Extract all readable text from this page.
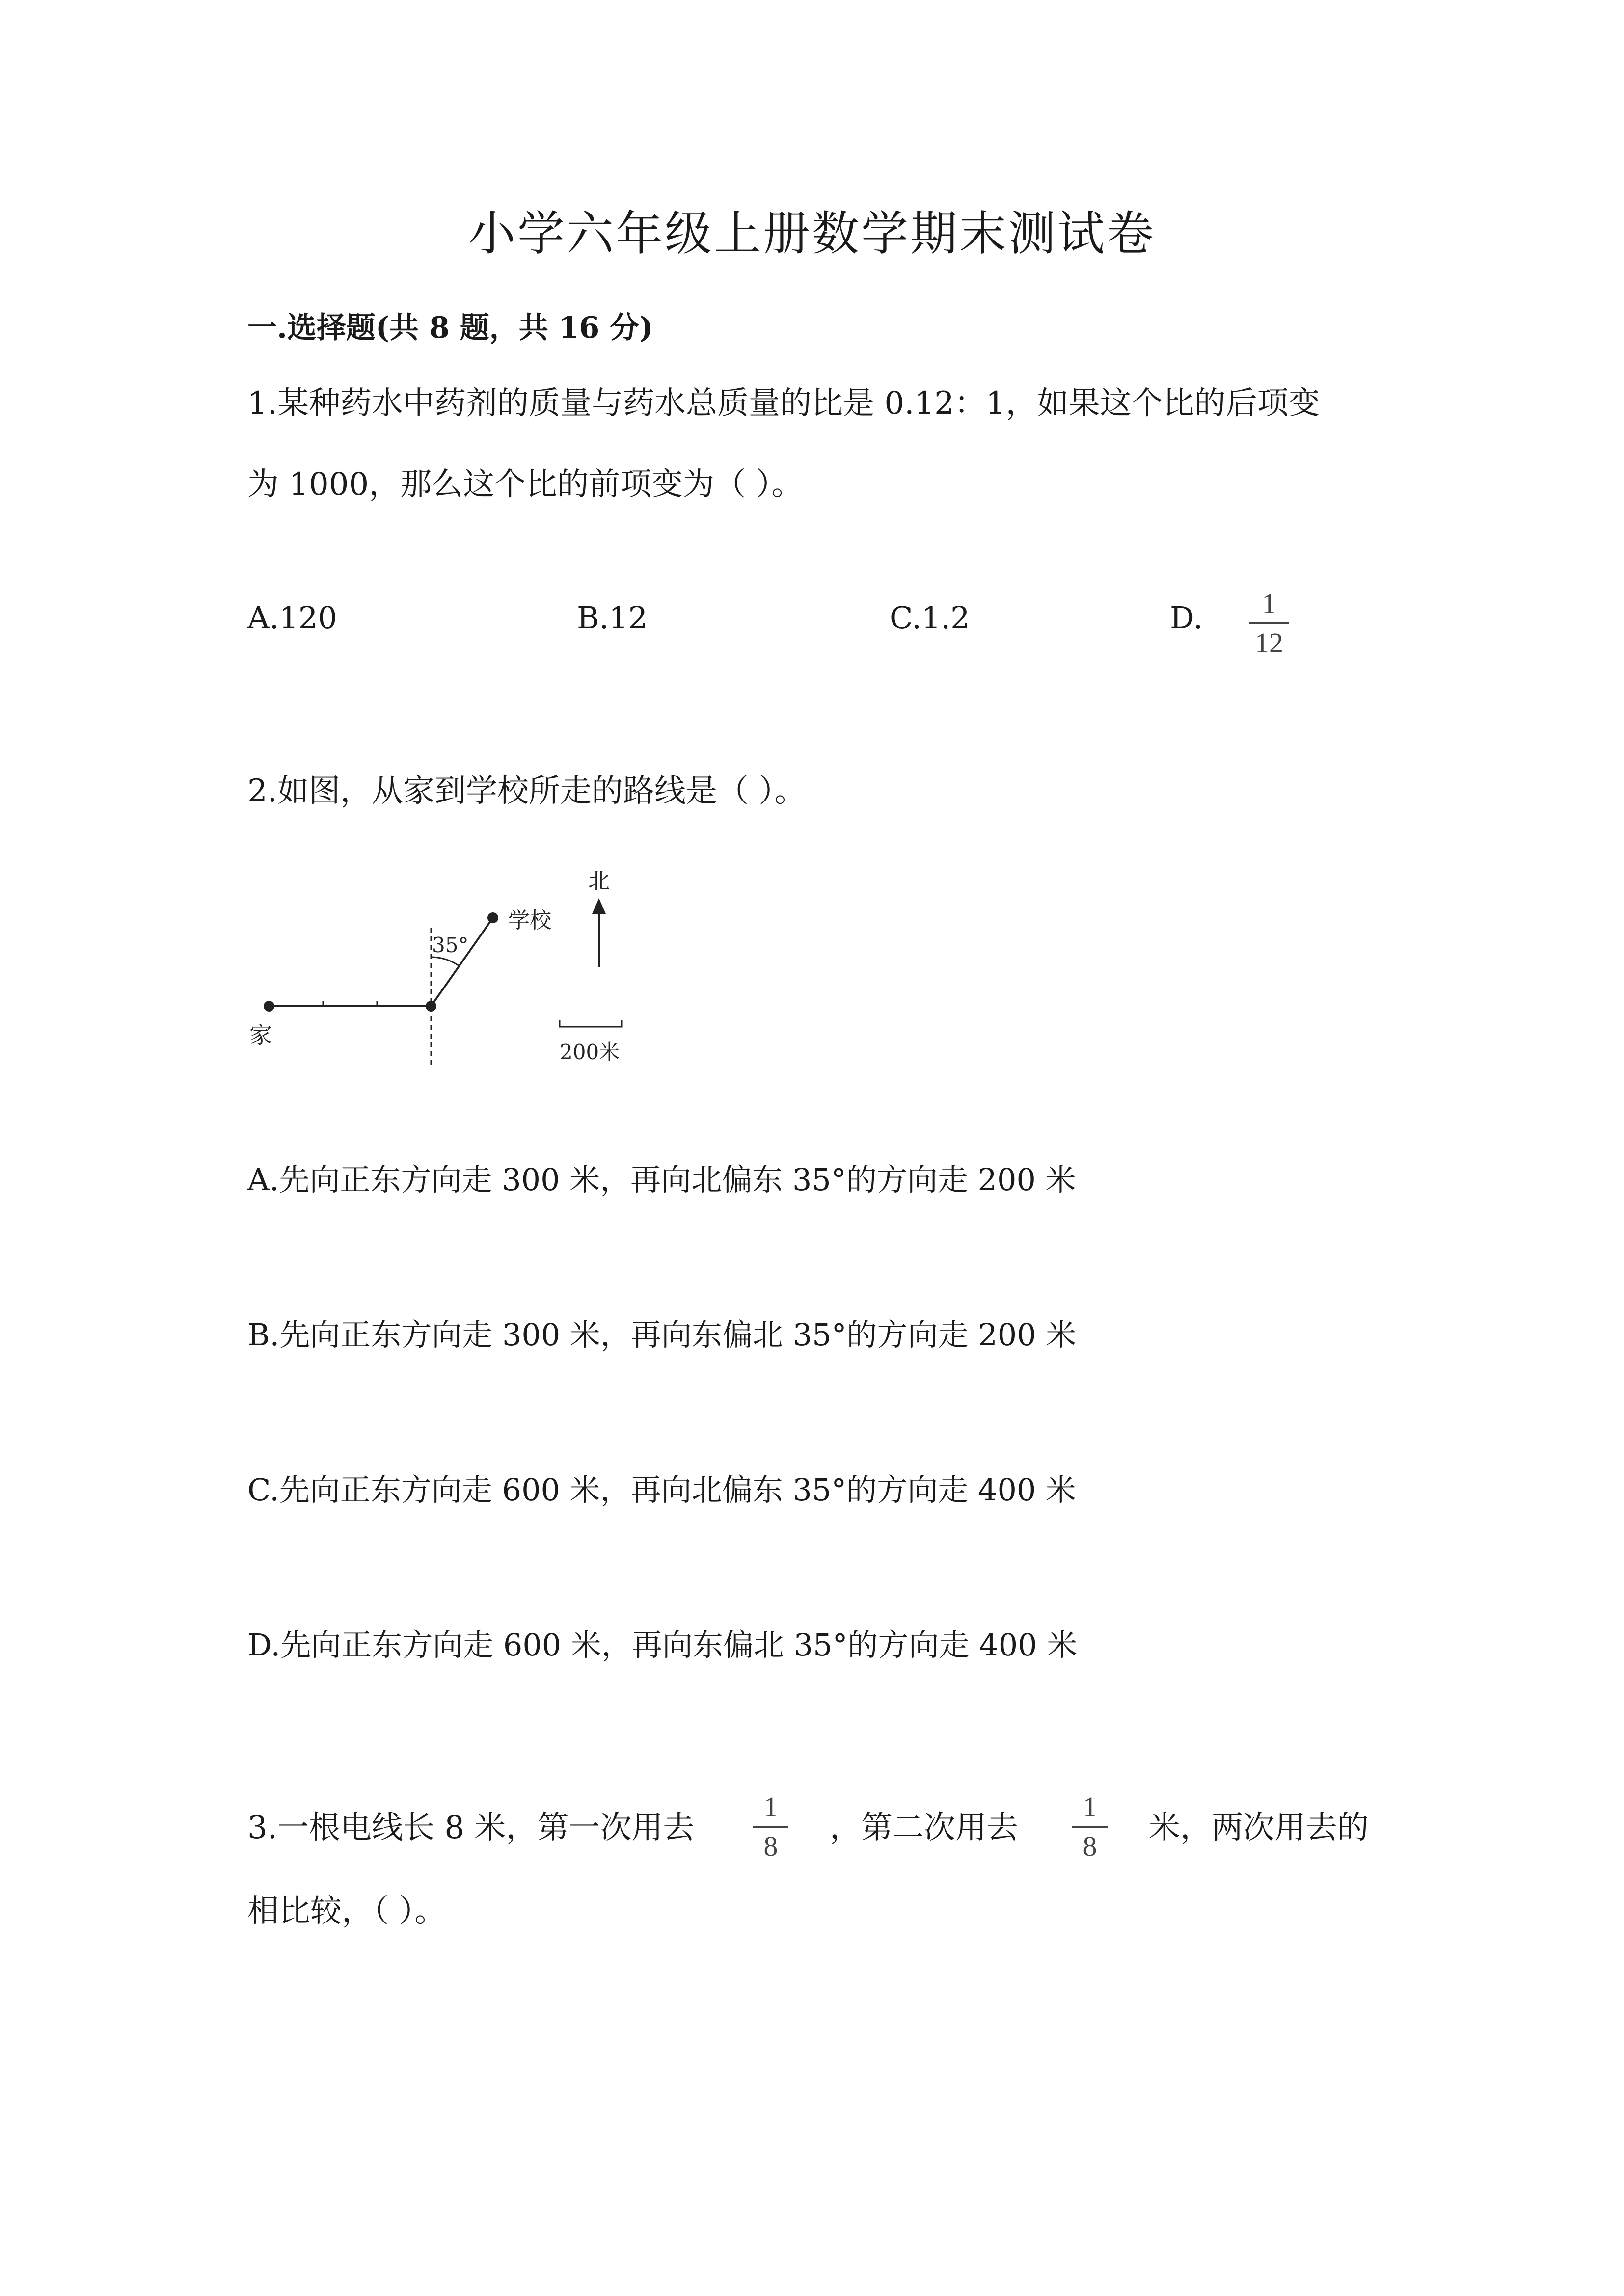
小学六年级上册数学期末测试卷
一.选择题(共 8 题，共 16 分)
1.某种药水中药剂的质量与药水总质量的比是 0.12：1，如果这个比的后项变
为 1000，那么这个比的前项变为（ ）。
A.120	B.12	C.1.2	D.	1
12
2.如图，从家到学校所走的路线是（ ）。
家
学校
35°
北
200米
A.先向正东方向走 300 米，再向北偏东 35°的方向走 200 米
B.先向正东方向走 300 米，再向东偏北 35°的方向走 200 米
C.先向正东方向走 600 米，再向北偏东 35°的方向走 400 米
D.先向正东方向走 600 米，再向东偏北 35°的方向走 400 米
3.一根电线长 8 米，第一次用去
1
8
，第二次用去
1
8
米，两次用去的
相比较，（ ）。
